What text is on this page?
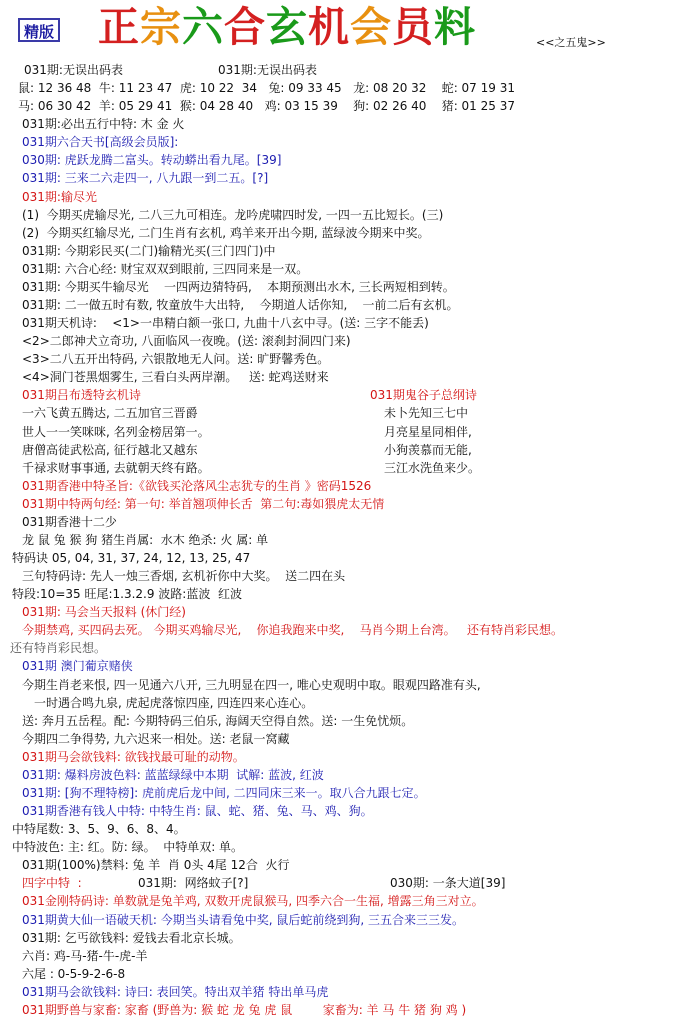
精版 正宗六合玄机会员料	<<之五鬼>>
031期:无误出码表	031期:无误出码表
鼠: 12 36 48  牛: 11 23 47  虎: 10 22  34   兔: 09 33 45   龙: 08 20 32    蛇: 07 19 31
马: 06 30 42  羊: 05 29 41  猴: 04 28 40   鸡: 03 15 39    狗: 02 26 40    猪: 01 25 37
031期:必出五行中特: 木 金 火
031期六合天书[高级会员版]:
030期: 虎跃龙腾二富头。转动蟒出看九尾。[39]
031期: 三来二六走四一, 八九跟一到二五。[?]
031期:输尽光
(1)  今期买虎输尽光, 二八三九可相连。龙吟虎啸四时发, 一四一五比短长。(三)
(2)  今期买红输尽光, 二门生肖有玄机, 鸡羊来开出今期, 蓝绿波今期来中奖。
031期: 今期彩民买(二门)输精光买(三门四门)中
031期: 六合心经: 财宝双双到眼前, 三四同来是一双。
031期: 今期买牛输尽光    一四两边猜特码,    本期预测出水木, 三长两短相到转。
031期: 二一做五时有数, 牧童放牛大出特,    今期道人话你知,    一前二后有玄机。
031期天机诗:    <1>一串精白额一张口, 九曲十八玄中寻。(送: 三字不能丢)
<2>二郎神犬立奇功, 八面临风一夜晚。(送: 滚刹封洞四门来)
<3>二八五开出特码, 六银散地无人问。送: 旷野馨秀色。
<4>洞门苍黑烟雾生, 三看白头两岸潮。   送: 蛇鸡送财来
031期吕布透特玄机诗	031期鬼谷子总纲诗
一六飞黄五腾达, 二五加官三晋爵	未卜先知三七中
世人一一笑咪咪, 名列金榜居第一。	月亮星星同相伴,
唐僧高徒武松高, 征行越北又越东	小狗羡慕而无能,
千禄求财事事通, 去就朝天终有路。	三江水洗鱼来少。
031期香港中特圣旨:《欲钱买沦落风尘志犹专的生肖 》密码1526
031期中特两句经: 第一句: 举首翘项伸长舌  第二句:毒如猥虎太无情
031期香港十二少
龙 鼠 兔 猴 狗 猪生肖属:  水木 绝杀: 火 属: 单
特码诀 05, 04, 31, 37, 24, 12, 13, 25, 47
三句特码诗: 先人一烛三香烟, 玄机祈你中大奖。  送二四在头
特段:10=35 旺尾:1.3.2.9 波路:蓝波  红波
031期: 马会当天报料 (休门经)
今期禁鸡, 买四码去死。 今期买鸡输尽光,    你追我跑来中奖,    马肖今期上台湾。   还有特肖彩民想。
还有特肖彩民想。
031期 澳门葡京赌侠
今期生肖老来恨, 四一见通六八开, 三九明显在四一, 唯心史观明中取。眼观四路准有头,
一时遇合鸣九泉, 虎起虎落惊四座, 四连四来心连心。
送: 奔月五岳程。配: 今期特码三伯乐, 海阔天空得自然。送: 一生免忧烦。
今期四二争得势, 九六迟来一相处。送: 老鼠一窝藏
031期马会欲钱料: 欲钱找最可耻的动物。
031期: 爆料房波色料: 蓝蓝绿绿中本期  试解: 蓝波, 红波
031期: [狗不理特榜]: 虎前虎后龙中间, 二四同床三来一。取八合九跟七定。
031期香港有钱人中特: 中特生肖: 鼠、蛇、猪、兔、马、鸡、狗。
中特尾数: 3、5、9、6、8、4。
中特波色: 主: 红。防: 绿。  中特单双: 单。
031期(100%)禁料: 兔 羊  肖 0头 4尾 12合  火行
四字中特  :	031期:  网络蚊子[?]	030期: 一条大道[39]
031金刚特码诗: 单数就是兔羊鸡, 双数开虎鼠猴马, 四季六合一生福, 增露三角三对立。
031期黄大仙一语破天机: 今期当头请看兔中奖, 鼠后蛇前绕到狗, 三五合来三三发。
031期: 乞丐欲钱料: 爱钱去看北京长城。
六肖: 鸡-马-猪-牛-虎-羊
六尾 : 0-5-9-2-6-8
031期马会欲钱料: 诗曰: 表回笑。特出双羊猪 特出单马虎
031期野兽与家畜: 家畜 (野兽为: 猴 蛇 龙 兔 虎 鼠        家畜为: 羊 马 牛 猪 狗 鸡 )
